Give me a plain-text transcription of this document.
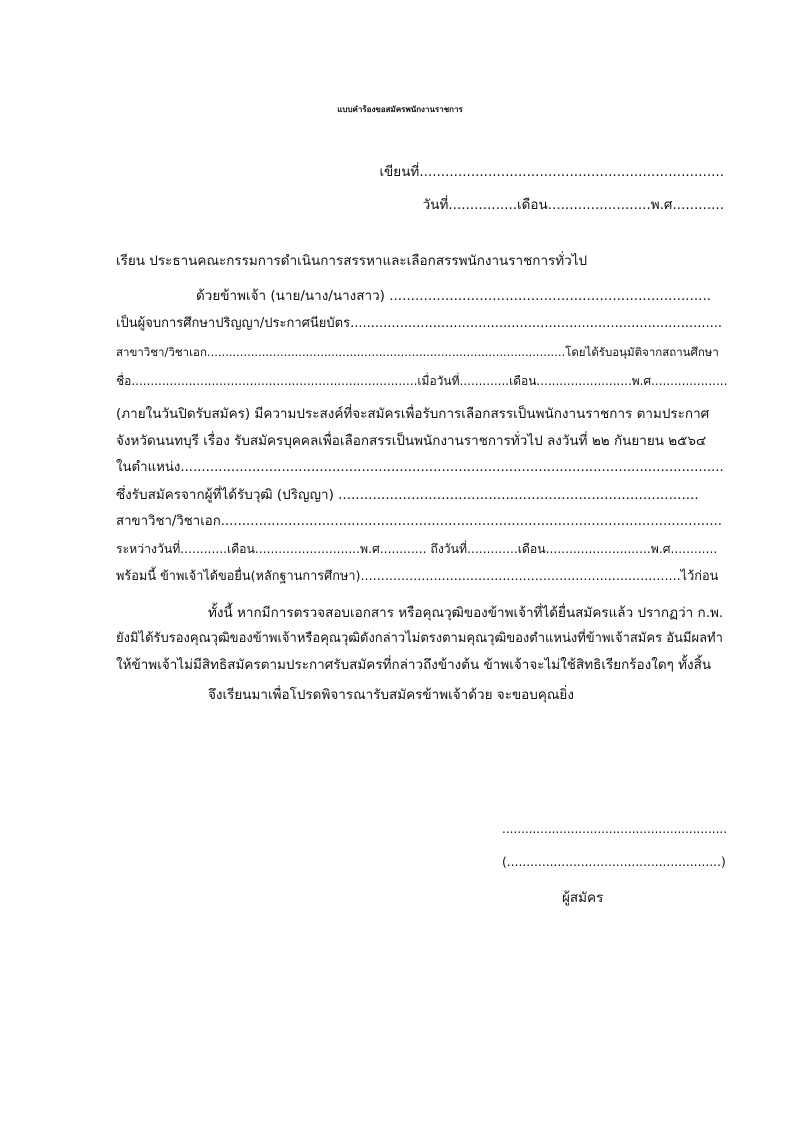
แบบคำร้องขอสมัครพนักงานราชการ
เขียนที่.......................................................................
วันที่................เดือน........................พ.ศ............
เรียน ประธานคณะกรรมการดำเนินการสรรหาและเลือกสรรพนักงานราชการทั่วไป
ด้วยข้าพเจ้า (นาย/นาง/นางสาว) ...........................................................................
เป็นผู้จบการศึกษาปริญญา/ประกาศนียบัตร..........................................................................................
สาขาวิชา/วิชาเอก..................................................................................................โดยได้รับอนุมัติจากสถานศึกษา
ชื่อ...........................................................................เมื่อวันที่.............เดือน.........................พ.ศ....................
(ภายในวันปิดรับสมัคร) มีความประสงค์ที่จะสมัครเพื่อรับการเลือกสรรเป็นพนักงานราชการ ตามประกาศ
จังหวัดนนทบุรี เรื่อง รับสมัครบุคคลเพื่อเลือกสรรเป็นพนักงานราชการทั่วไป ลงวันที่ ๒๒ กันยายน ๒๕๖๔
ในตำแหน่ง.................................................................................................................................
ซึ่งรับสมัครจากผู้ที่ได้รับวุฒิ (ปริญญา) ....................................................................................
สาขาวิชา/วิชาเอก.......................................................................................................................
ระหว่างวันที่............เดือน...........................พ.ศ............ ถึงวันที่.............เดือน...........................พ.ศ............
พร้อมนี้ ข้าพเจ้าได้ขอยื่น(หลักฐานการศึกษา)...............................................................................ไว้ก่อน
ทั้งนี้ หากมีการตรวจสอบเอกสาร หรือคุณวุฒิของข้าพเจ้าที่ได้ยื่นสมัครแล้ว ปรากฏว่า ก.พ.
ยังมิได้รับรองคุณวุฒิของข้าพเจ้าหรือคุณวุฒิดังกล่าวไม่ตรงตามคุณวุฒิของตำแหน่งที่ข้าพเจ้าสมัคร อันมีผลทำ
ให้ข้าพเจ้าไม่มีสิทธิสมัครตามประกาศรับสมัครที่กล่าวถึงข้างต้น ข้าพเจ้าจะไม่ใช้สิทธิเรียกร้องใดๆ ทั้งสิ้น
จึงเรียนมาเพื่อโปรดพิจารณารับสมัครข้าพเจ้าด้วย จะขอบคุณยิ่ง
...........................................................
(.......................................................)
ผู้สมัคร
